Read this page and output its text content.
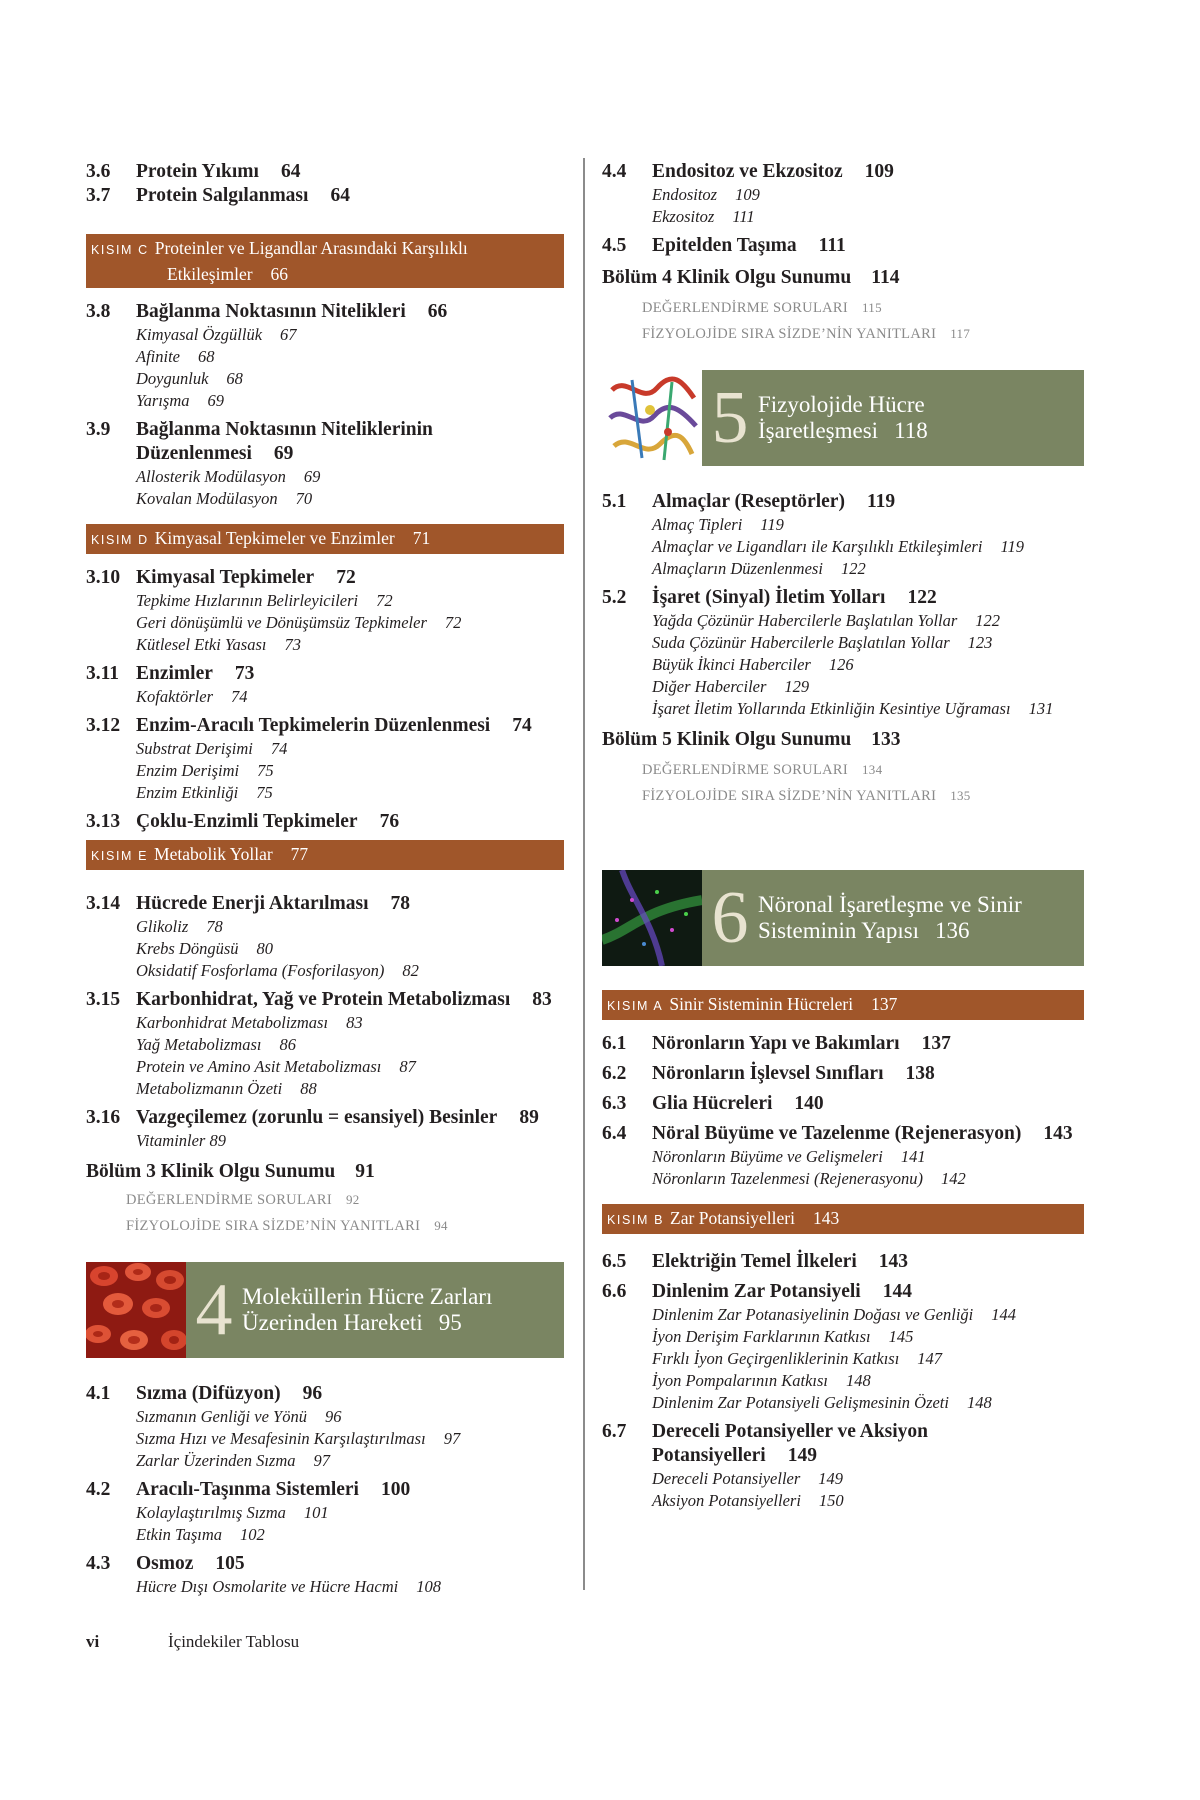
3.6	Protein Yıkımı 64
3.7	Protein Salgılanması 64
KISIM C Proteinler ve Ligandlar Arasındaki Karşılıklı
Etkileşimler 66
3.8	Bağlanma Noktasının Nitelikleri 66
Kimyasal Özgüllük 67
Afinite 68
Doygunluk 68
Yarışma 69
3.9	Bağlanma Noktasının Niteliklerinin
Düzenlenmesi 69
Allosterik Modülasyon 69
Kovalan Modülasyon 70
KISIM D Kimyasal Tepkimeler ve Enzimler 71
3.10 Kimyasal Tepkimeler 72
Tepkime Hızlarının Belirleyicileri 72
Geri dönüşümlü ve Dönüşümsüz Tepkimeler 72
Kütlesel Etki Yasası 73
3.11 Enzimler 73
Kofaktörler 74
3.12 Enzim-Aracılı Tepkimelerin Düzenlenmesi 74
Substrat Derişimi 74
Enzim Derişimi 75
Enzim Etkinliği 75
3.13 Çoklu-Enzimli Tepkimeler 76
KISIM E Metabolik Yollar 77
3.14 Hücrede Enerji Aktarılması 78
Glikoliz 78
Krebs Döngüsü 80
Oksidatif Fosforlama (Fosforilasyon) 82
3.15 Karbonhidrat, Yağ ve Protein Metabolizması 83
Karbonhidrat Metabolizması 83
Yağ Metabolizması 86
Protein ve Amino Asit Metabolizması 87
Metabolizmanın Özeti 88
3.16 Vazgeçilemez (zorunlu = esansiyel) Besinler 89
Vitaminler 89
Bölüm 3 Klinik Olgu Sunumu 91
DEĞERLENDİRME SORULARI 92
FİZYOLOJİDE SIRA SİZDE’NİN YANITLARI 94
4 Moleküllerin Hücre Zarları
Üzerinden Hareketi 95
4.1	Sızma (Difüzyon) 96
Sızmanın Genliği ve Yönü 96
Sızma Hızı ve Mesafesinin Karşılaştırılması 97
Zarlar Üzerinden Sızma 97
4.2	Aracılı-Taşınma Sistemleri 100
Kolaylaştırılmış Sızma 101
Etkin Taşıma 102
4.3	Osmoz 105
Hücre Dışı Osmolarite ve Hücre Hacmi 108
4.4	Endositoz ve Ekzositoz 109
Endositoz 109
Ekzositoz 111
4.5	Epitelden Taşıma 111
Bölüm 4 Klinik Olgu Sunumu 114
DEĞERLENDİRME SORULARI 115
FİZYOLOJİDE SIRA SİZDE’NİN YANITLARI 117
5 Fizyolojide Hücre
İşaretleşmesi 118
5.1	Almaçlar (Reseptörler) 119
Almaç Tipleri 119
Almaçlar ve Ligandları ile Karşılıklı Etkileşimleri 119
Almaçların Düzenlenmesi 122
5.2	İşaret (Sinyal) İletim Yolları 122
Yağda Çözünür Habercilerle Başlatılan Yollar 122
Suda Çözünür Habercilerle Başlatılan Yollar 123
Büyük İkinci Haberciler 126
Diğer Haberciler 129
İşaret İletim Yollarında Etkinliğin Kesintiye Uğraması 131
Bölüm 5 Klinik Olgu Sunumu 133
DEĞERLENDİRME SORULARI 134
FİZYOLOJİDE SIRA SİZDE’NİN YANITLARI 135
6 Nöronal İşaretleşme ve Sinir
Sisteminin Yapısı 136
KISIM A Sinir Sisteminin Hücreleri 137
6.1	Nöronların Yapı ve Bakımları 137
6.2	Nöronların İşlevsel Sınıfları 138
6.3	Glia Hücreleri 140
6.4	Nöral Büyüme ve Tazelenme (Rejenerasyon) 143
Nöronların Büyüme ve Gelişmeleri 141
Nöronların Tazelenmesi (Rejenerasyonu) 142
KISIM B Zar Potansiyelleri 143
6.5	Elektriğin Temel İlkeleri 143
6.6	Dinlenim Zar Potansiyeli 144
Dinlenim Zar Potanasiyelinin Doğası ve Genliği 144
İyon Derişim Farklarının Katkısı 145
Fırklı İyon Geçirgenliklerinin Katkısı 147
İyon Pompalarının Katkısı 148
Dinlenim Zar Potansiyeli Gelişmesinin Özeti 148
6.7	Dereceli Potansiyeller ve Aksiyon
Potansiyelleri 149
Dereceli Potansiyeller 149
Aksiyon Potansiyelleri 150
vi	İçindekiler Tablosu
